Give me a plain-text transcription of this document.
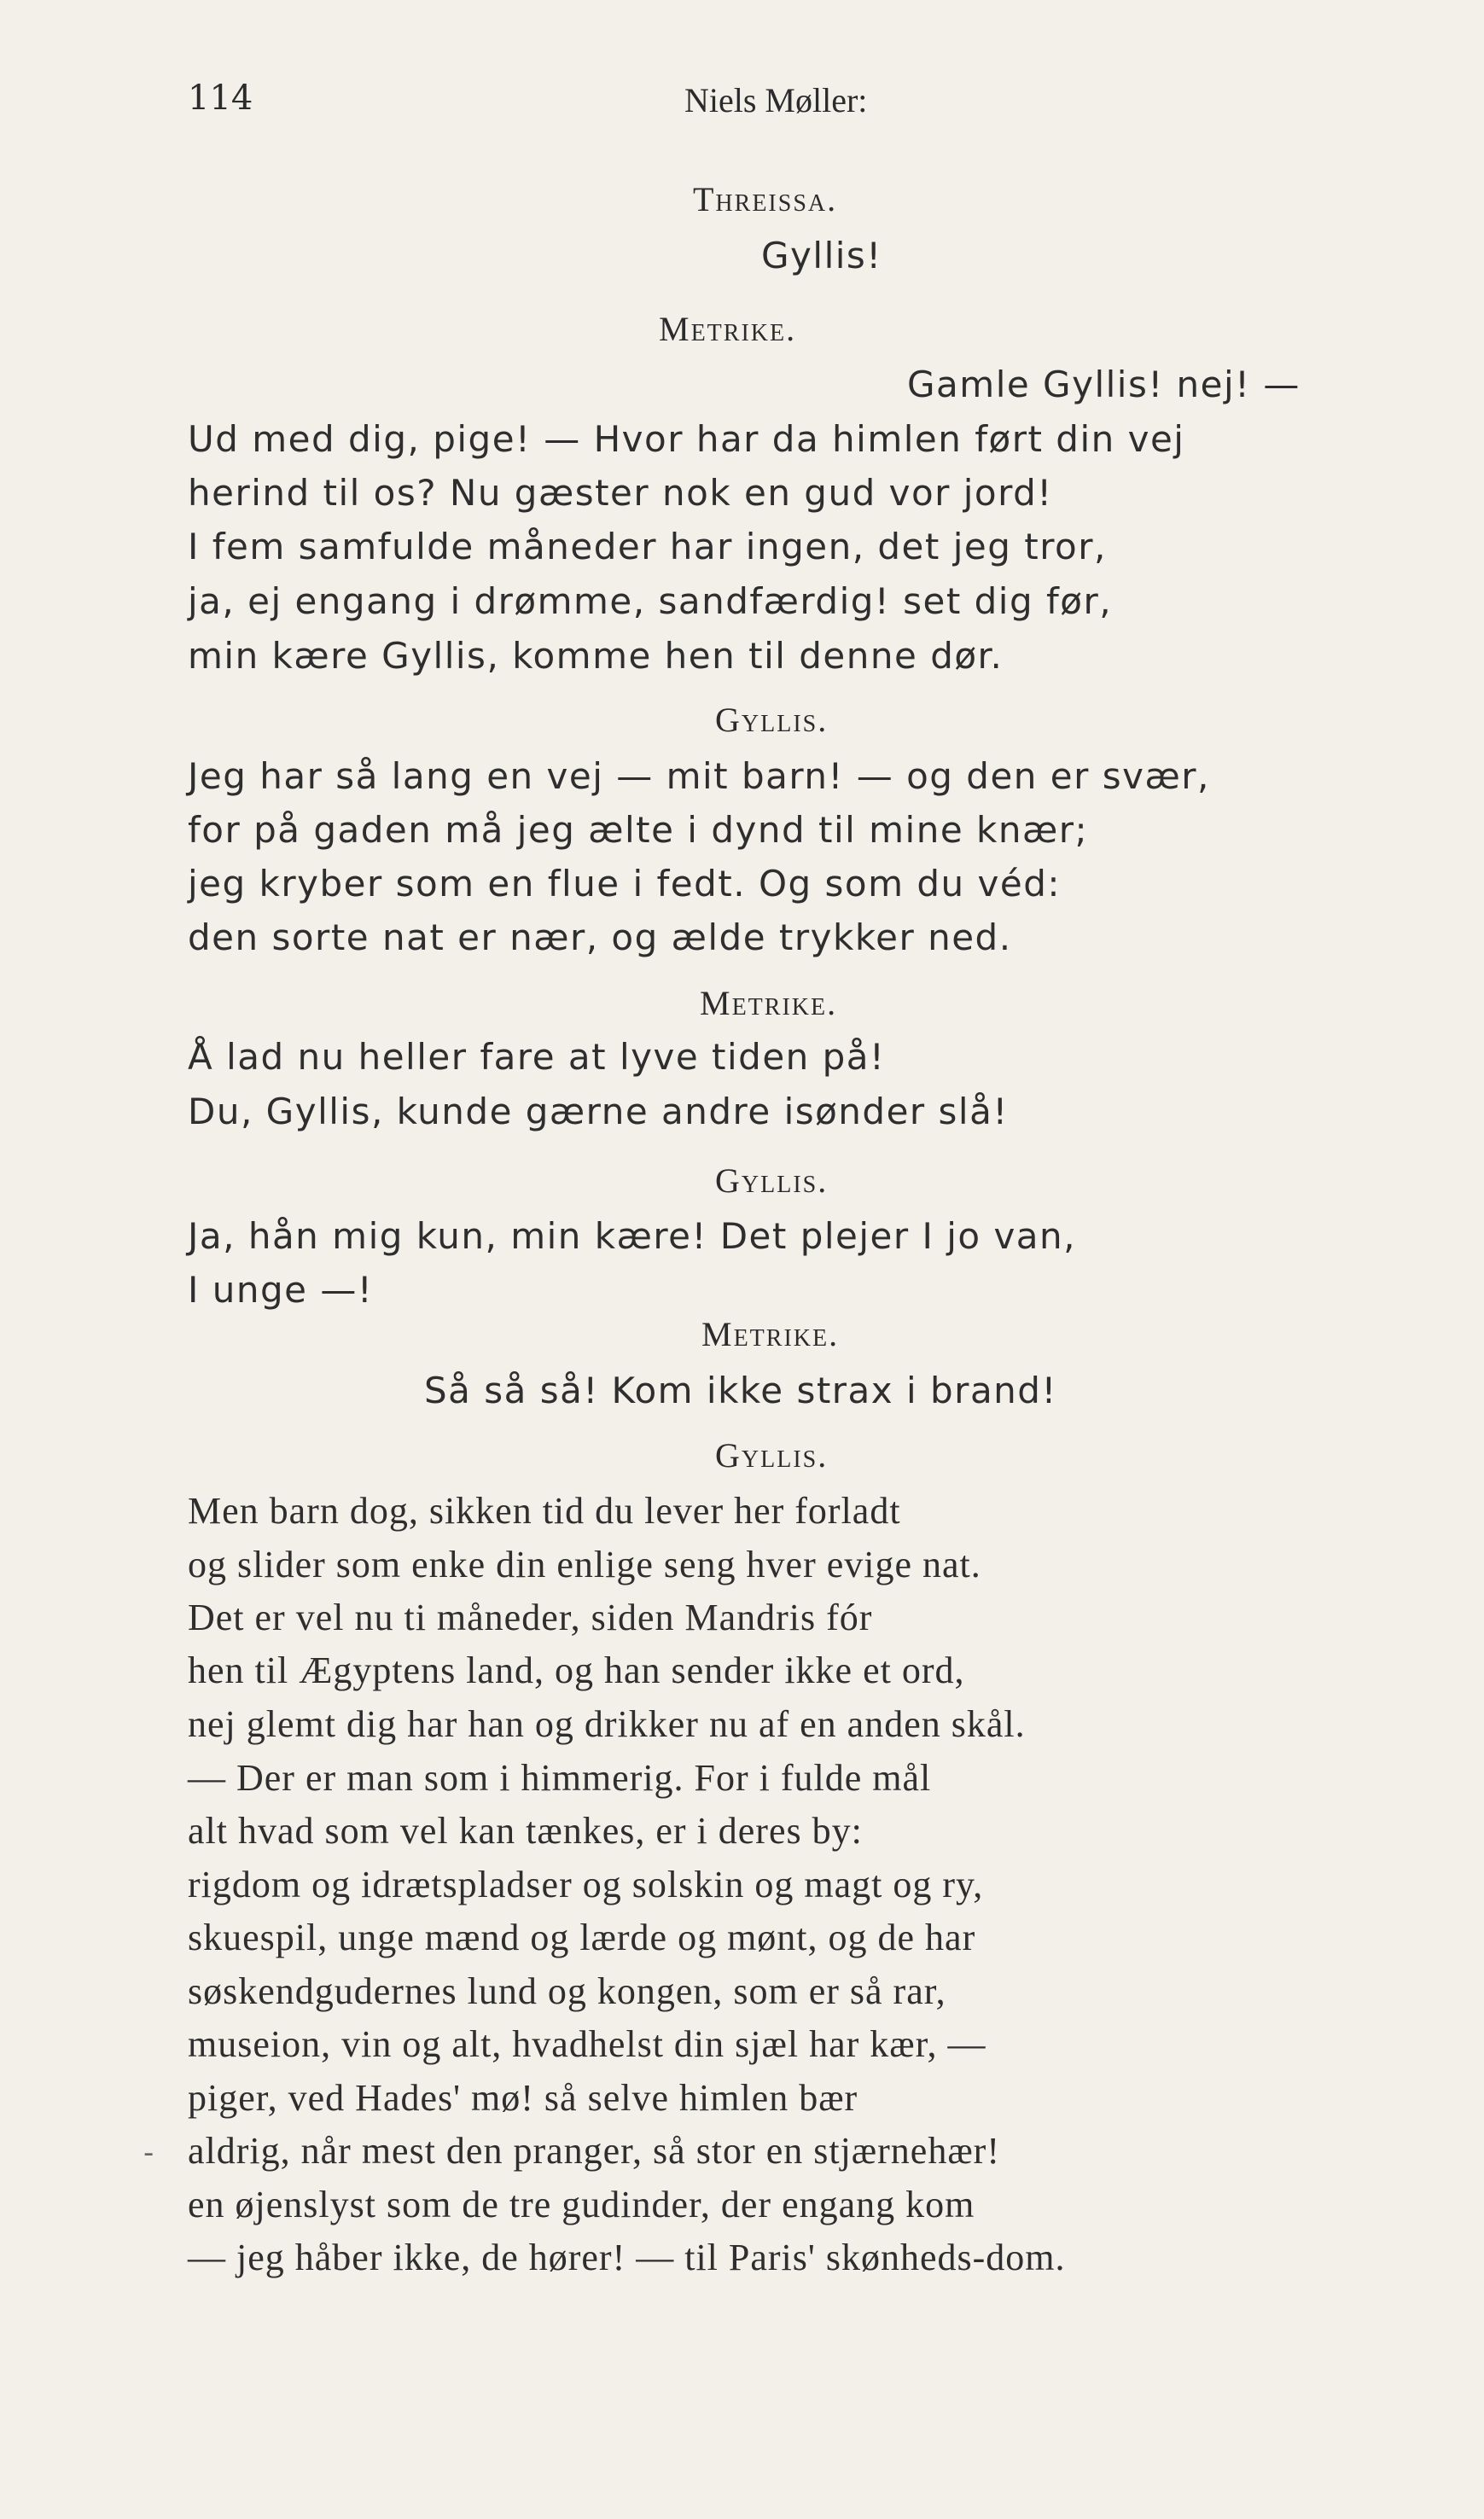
114	Niels Møller:
Threissa.
Gyllis!
Metrike.
Gamle Gyllis! nej! —
Ud med dig, pige! — Hvor har da himlen ført din vej
herind til os? Nu gæster nok en gud vor jord!
I fem samfulde måneder har ingen, det jeg tror,
ja, ej engang i drømme, sandfærdig! set dig før,
min kære Gyllis, komme hen til denne dør.
Gyllis.
Jeg har så lang en vej — mit barn! — og den er svær,
for på gaden må jeg ælte i dynd til mine knær;
jeg kryber som en flue i fedt. Og som du véd:
den sorte nat er nær, og ælde trykker ned.
Metrike.
Å lad nu heller fare at lyve tiden på!
Du, Gyllis, kunde gærne andre isønder slå!
Gyllis.
Ja, hån mig kun, min kære! Det plejer I jo van,
I unge —!
Metrike.
Så så så! Kom ikke strax i brand!
Gyllis.
Men barn dog, sikken tid du lever her forladt
og slider som enke din enlige seng hver evige nat.
Det er vel nu ti måneder, siden Mandris fór
hen til Ægyptens land, og han sender ikke et ord,
nej glemt dig har han og drikker nu af en anden skål.
— Der er man som i himmerig. For i fulde mål
alt hvad som vel kan tænkes, er i deres by:
rigdom og idrætspladser og solskin og magt og ry,
skuespil, unge mænd og lærde og mønt, og de har
søskendgudernes lund og kongen, som er så rar,
museion, vin og alt, hvadhelst din sjæl har kær, —
piger, ved Hades' mø! så selve himlen bær
aldrig, når mest den pranger, så stor en stjærnehær!
en øjenslyst som de tre gudinder, der engang kom
— jeg håber ikke, de hører! — til Paris' skønheds-dom.
-
